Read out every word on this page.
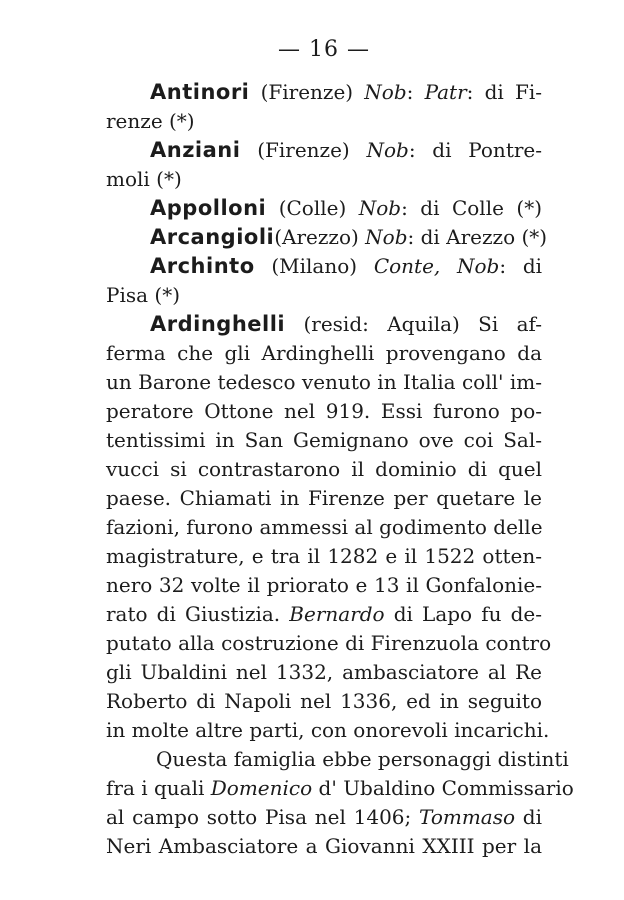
— 16 —
Antinori (Firenze) Nob: Patr: di Fi-
renze (*)
Anziani (Firenze) Nob: di Pontre-
moli (*)
Appolloni (Colle) Nob: di Colle (*)
Arcangioli(Arezzo) Nob: di Arezzo (*)
Archinto (Milano) Conte, Nob: di
Pisa (*)
Ardinghelli (resid: Aquila) Si af-
ferma che gli Ardinghelli provengano da
un Barone tedesco venuto in Italia coll' im-
peratore Ottone nel 919. Essi furono po-
tentissimi in San Gemignano ove coi Sal-
vucci si contrastarono il dominio di quel
paese. Chiamati in Firenze per quetare le
fazioni, furono ammessi al godimento delle
magistrature, e tra il 1282 e il 1522 otten-
nero 32 volte il priorato e 13 il Gonfalonie-
rato di Giustizia. Bernardo di Lapo fu de-
putato alla costruzione di Firenzuola contro
gli Ubaldini nel 1332, ambasciatore al Re
Roberto di Napoli nel 1336, ed in seguito
in molte altre parti, con onorevoli incarichi.
Questa famiglia ebbe personaggi distinti
fra i quali Domenico d' Ubaldino Commissario
al campo sotto Pisa nel 1406; Tommaso di
Neri Ambasciatore a Giovanni XXIII per la
